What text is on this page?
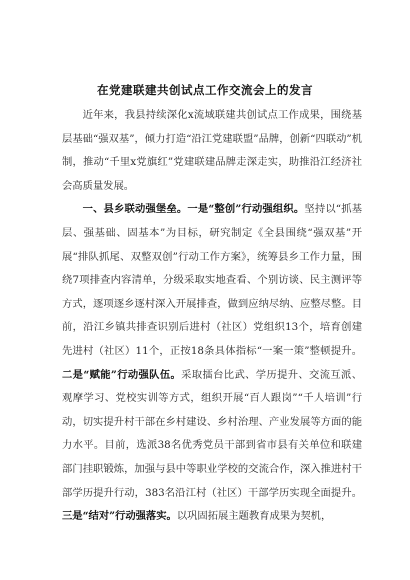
在党建联建共创试点工作交流会上的发言

近年来，我县持续深化ⅹ流域联建共创试点工作成果，围绕基层基础“强双基”，倾力打造“沿江党建联盟”品牌，创新“四联动”机制，推动“千里ⅹ党旗红”党建联建品牌走深走实，助推沿江经济社会高质量发展。

一、县乡联动强堡垒。一是“整创”行动强组织。坚持以“抓基层、强基础、固基本”为目标，研究制定《全县围绕“强双基”开展“排队抓尾、双整双创”行动工作方案》，统筹县乡工作力量，围绕7项排查内容清单，分级采取实地查看、个别访谈、民主测评等方式，逐项逐乡逐村深入开展排查，做到应纳尽纳、应整尽整。目前，沿江乡镇共排查识别后进村（社区）党组织13个，培育创建先进村（社区）11个，正按18条具体指标“一案一策”整顿提升。二是“赋能”行动强队伍。采取擂台比武、学历提升、交流互派、观摩学习、党校实训等方式，组织开展“百人跟岗”“千人培训”行动，切实提升村干部在乡村建设、乡村治理、产业发展等方面的能力水平。目前，选派38名优秀党员干部到省市县有关单位和联建部门挂职锻炼，加强与县中等职业学校的交流合作，深入推进村干部学历提升行动，383名沿江村（社区）干部学历实现全面提升。三是“结对”行动强落实。以巩固拓展主题教育成果为契机，
